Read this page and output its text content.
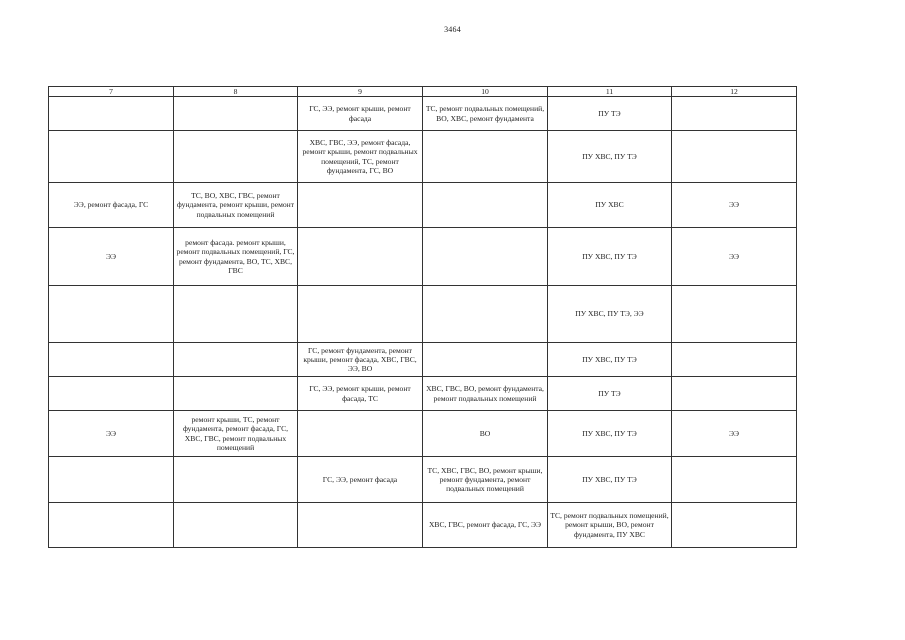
3464
7	8	9	10	11	12
		ГС, ЭЭ, ремонт крыши, ремонт фасада	ТС, ремонт подвальных помещений, ВО, ХВС, ремонт фундамента	ПУ ТЭ	
		ХВС, ГВС, ЭЭ, ремонт фасада, ремонт крыши, ремонт подвальных помещений, ТС, ремонт фундамента, ГС, ВО		ПУ ХВС, ПУ ТЭ	
ЭЭ, ремонт фасада, ГС	ТС, ВО, ХВС, ГВС, ремонт фундамента, ремонт крыши, ремонт подвальных помещений			ПУ ХВС	ЭЭ
ЭЭ	ремонт фасада. ремонт крыши, ремонт подвальных помещений, ГС, ремонт фундамента, ВО, ТС, ХВС, ГВС			ПУ ХВС, ПУ ТЭ	ЭЭ
				ПУ ХВС, ПУ ТЭ, ЭЭ	
		ГС, ремонт фундамента, ремонт крыши, ремонт фасада, ХВС, ГВС, ЭЭ, ВО		ПУ ХВС, ПУ ТЭ	
		ГС, ЭЭ, ремонт крыши, ремонт фасада, ТС	ХВС, ГВС, ВО, ремонт фундамента, ремонт подвальных помещений	ПУ ТЭ	
ЭЭ	ремонт крыши, ТС, ремонт фундамента, ремонт фасада, ГС, ХВС, ГВС, ремонт подвальных помещений		ВО	ПУ ХВС, ПУ ТЭ	ЭЭ
		ГС, ЭЭ, ремонт фасада	ТС, ХВС, ГВС, ВО, ремонт крыши, ремонт фундамента, ремонт подвальных помещений	ПУ ХВС, ПУ ТЭ	
			ХВС, ГВС, ремонт фасада, ГС, ЭЭ	ТС, ремонт подвальных помещений, ремонт крыши, ВО, ремонт фундамента, ПУ ХВС	
